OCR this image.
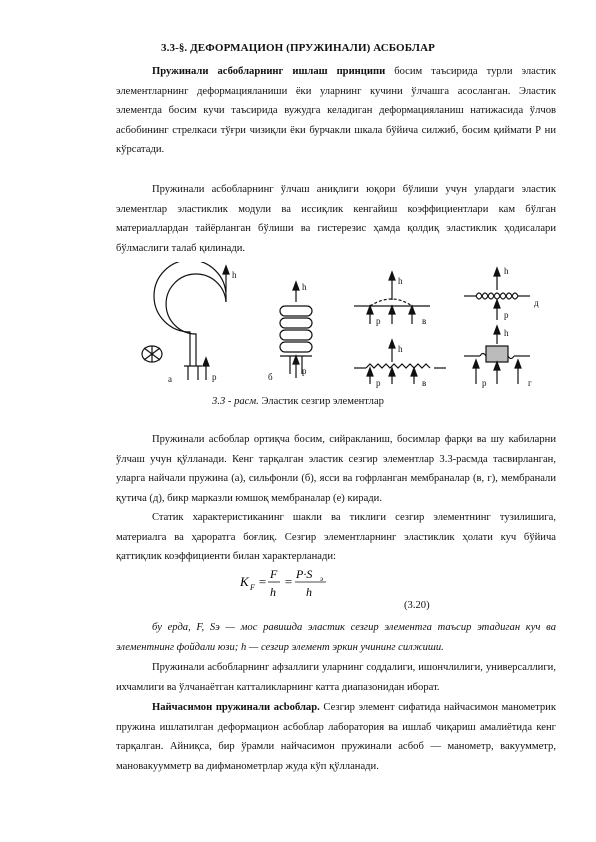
3.3-§. ДЕФОРМАЦИОН (ПРУЖИНАЛИ) АСБОБЛАР

Пружинали асбобларнинг ишлаш принципи босим таъсирида турли эластик элементларнинг деформацияланиши ёки уларнинг кучини ўлчашга асосланган. Эластик элементда босим кучи таъсирида вужудга келадиган деформацияланиш натижасида ўлчов асбобининг стрелкаси тўғри чизиқли ёки бурчакли шкала бўйича силжиб, босим қиймати Р ни кўрсатади.

Пружинали асбобларнинг ўлчаш аниқлиги юқори бўлиши учун улардаги эластик элементлар эластиклик модули ва иссиқлик кенгайиш коэффициентлари кам бўлган материаллардан тайёрланган бўлиши ва гистерезис ҳамда қолдиқ эластиклик ҳодисалари бўлмаслиги талаб қилинади.

h
p
а
h
p
б
h
p	в
h
p	в
h
p
д
h
p	г
3.3 - расм. Эластик сезгир элементлар

Пружинали асбоблар ортиқча босим, сийракланиш, босимлар фарқи ва шу кабиларни ўлчаш учун қўлланади. Кенг тарқалган эластик сезгир элементлар 3.3-расмда тасвирланган, уларга найчали пружина (а), сильфонли (б), ясси ва гофрланган мембраналар (в, г), мембранали қутича (д), бикр марказли юмшоқ мембраналар (е) киради.

Статик характеристиканинг шакли ва тиклиги сезгир элементнинг тузилишига, материалга ва ҳароратга боғлиқ. Сезгир элементларнинг эластиклик ҳолати куч бўйича қаттиқлик коэффициенти билан характерланади:

K F = F
h
= P·S э
h
(3.20)

бу ерда, F, Sэ — мос равишда эластик сезгир элементга таъсир этадиган куч ва элементнинг фойдали юзи; h — сезгир элемент эркин учининг силжиши.

Пружинали асбобларнинг афзаллиги уларнинг соддалиги, ишончлилиги, универсаллиги, ихчамлиги ва ўлчанаётган катталикларнинг катта диапазонидан иборат.

Найчасимон пружинали асboблар. Сезгир элемент сифатида найчасимон манометрик пружина ишлатилган деформацион асбоблар лаборатория ва ишлаб чиқариш амалиётида кенг тарқалган. Айниқса, бир ўрамли найчасимон пружинали асбоб — манометр, вакуумметр, мановакуумметр ва дифманометрлар жуда кўп қўлланади.
